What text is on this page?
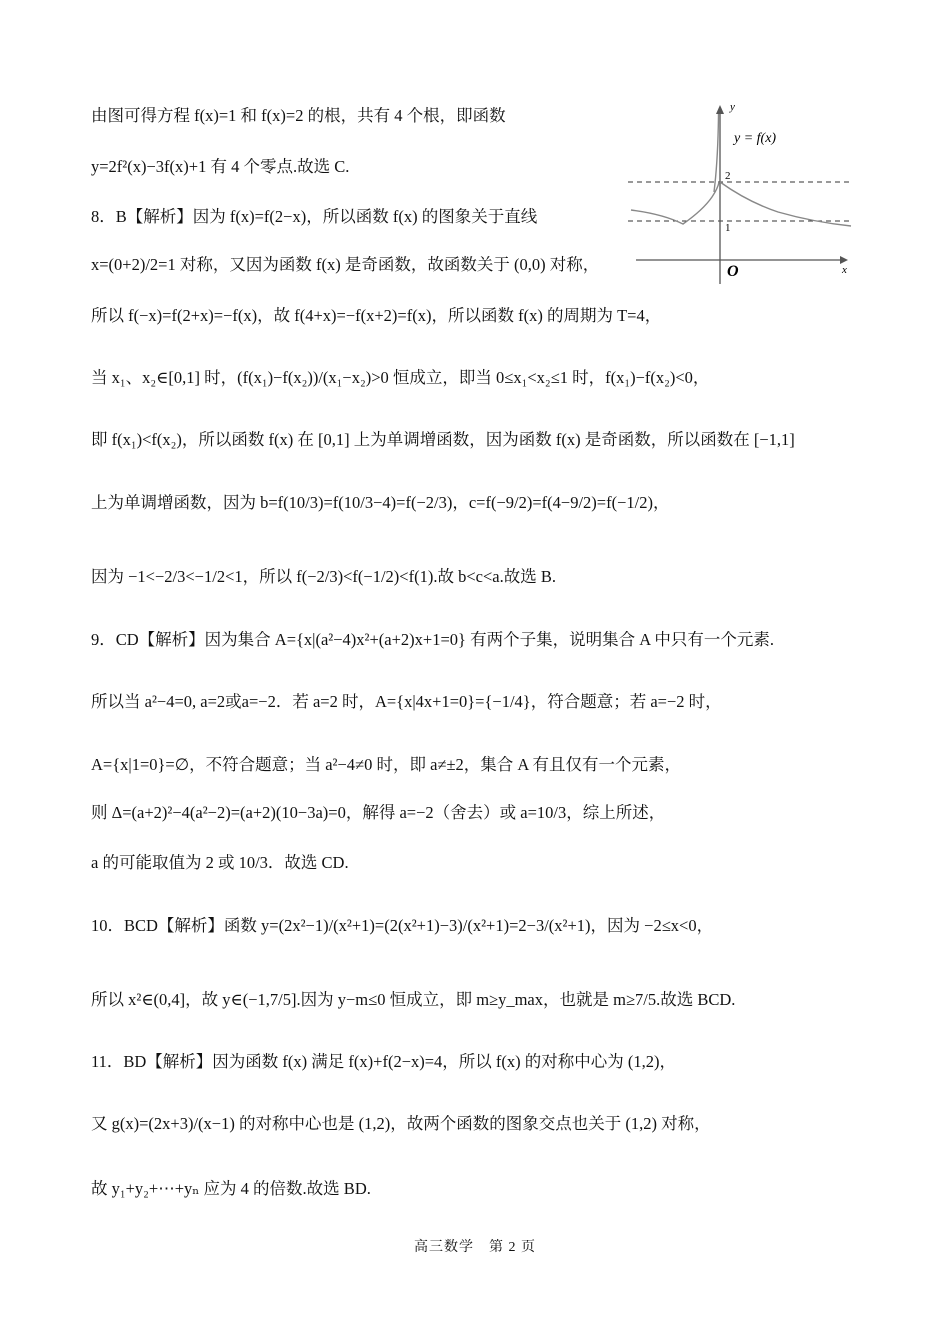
y
y = f(x)
2
1
O	x
由图可得方程 f(x)=1 和 f(x)=2 的根，共有 4 个根，即函数
y=2f²(x)−3f(x)+1 有 4 个零点.故选 C.
8．B【解析】因为 f(x)=f(2−x)，所以函数 f(x) 的图象关于直线
x=(0+2)/2=1 对称，又因为函数 f(x) 是奇函数，故函数关于 (0,0) 对称，
所以 f(−x)=f(2+x)=−f(x)，故 f(4+x)=−f(x+2)=f(x)，所以函数 f(x) 的周期为 T=4，
当 x₁、x₂∈[0,1] 时，(f(x₁)−f(x₂))/(x₁−x₂)>0 恒成立，即当 0≤x₁<x₂≤1 时，f(x₁)−f(x₂)<0，
即 f(x₁)<f(x₂)，所以函数 f(x) 在 [0,1] 上为单调增函数，因为函数 f(x) 是奇函数，所以函数在 [−1,1]
上为单调增函数，因为 b=f(10/3)=f(10/3−4)=f(−2/3)，c=f(−9/2)=f(4−9/2)=f(−1/2)，
因为 −1<−2/3<−1/2<1，所以 f(−2/3)<f(−1/2)<f(1).故 b<c<a.故选 B.
9．CD【解析】因为集合 A={x|(a²−4)x²+(a+2)x+1=0} 有两个子集，说明集合 A 中只有一个元素.
所以当 a²−4=0, a=2或a=−2．若 a=2 时，A={x|4x+1=0}={−1/4}，符合题意；若 a=−2 时，
A={x|1=0}=∅，不符合题意；当 a²−4≠0 时，即 a≠±2，集合 A 有且仅有一个元素，
则 Δ=(a+2)²−4(a²−2)=(a+2)(10−3a)=0，解得 a=−2（舍去）或 a=10/3，综上所述，
a 的可能取值为 2 或 10/3．故选 CD.
10．BCD【解析】函数 y=(2x²−1)/(x²+1)=(2(x²+1)−3)/(x²+1)=2−3/(x²+1)，因为 −2≤x<0，
所以 x²∈(0,4]，故 y∈(−1,7/5].因为 y−m≤0 恒成立，即 m≥y_max，也就是 m≥7/5.故选 BCD.
11．BD【解析】因为函数 f(x) 满足 f(x)+f(2−x)=4，所以 f(x) 的对称中心为 (1,2)，
又 g(x)=(2x+3)/(x−1) 的对称中心也是 (1,2)，故两个函数的图象交点也关于 (1,2) 对称，
故 y₁+y₂+⋯+yₙ 应为 4 的倍数.故选 BD.
高三数学　第 2 页
